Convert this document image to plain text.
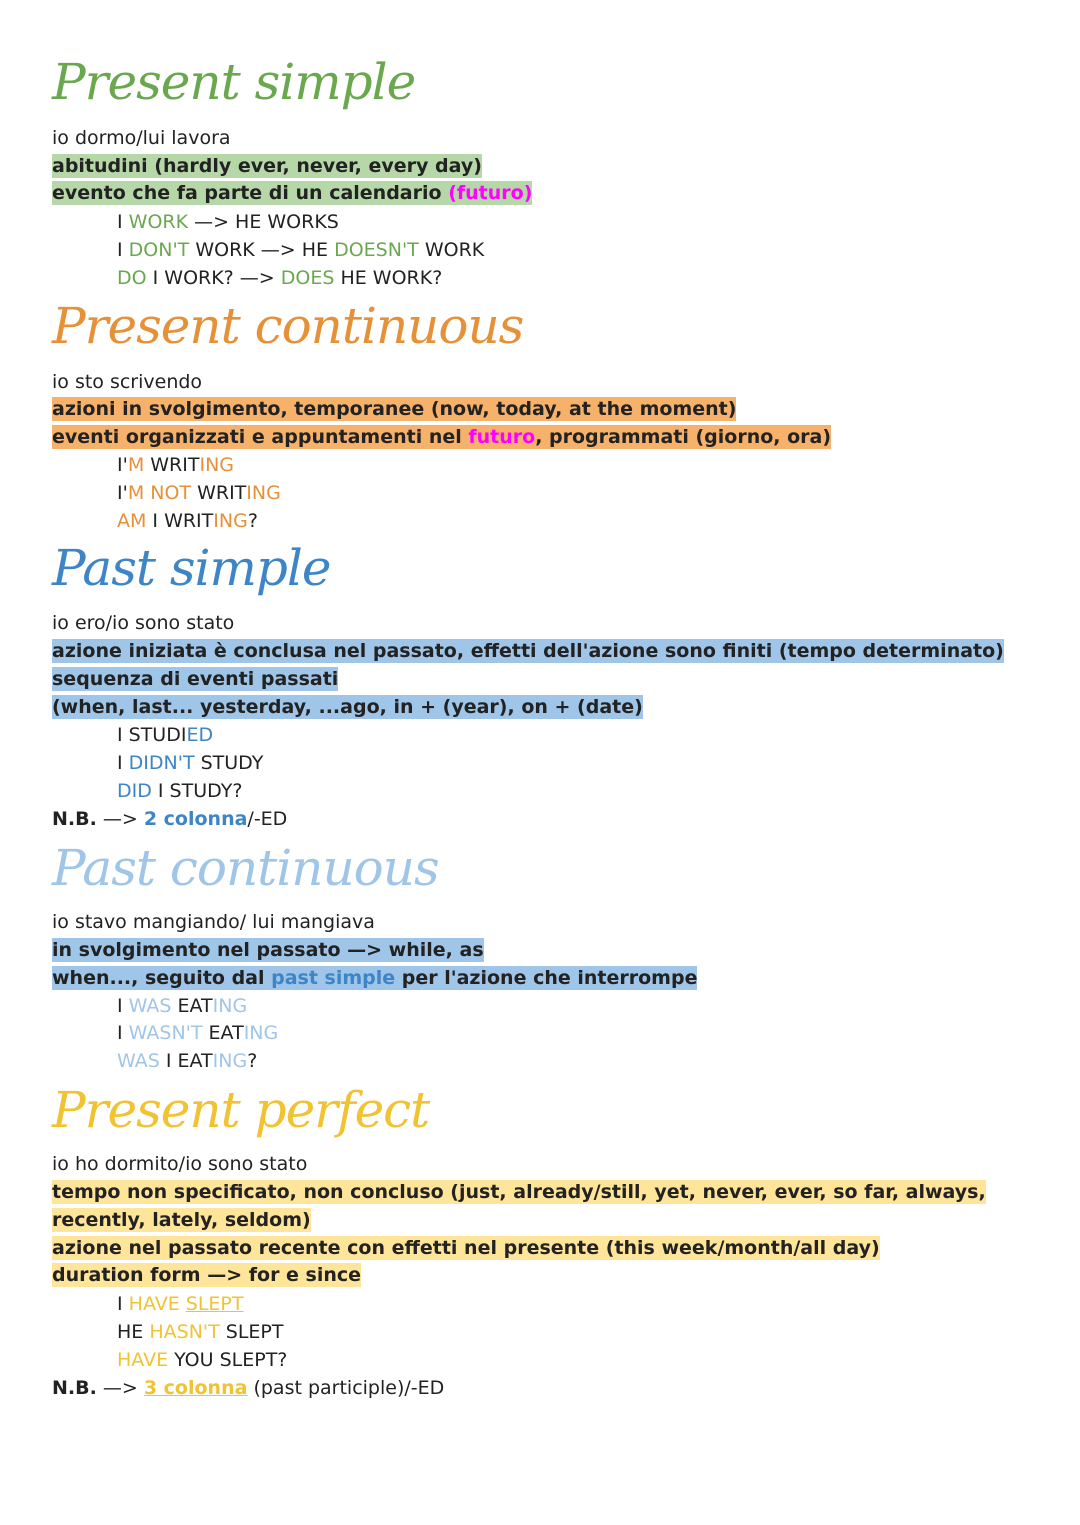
Present simple
io dormo/lui lavora
abitudini (hardly ever, never, every day)
evento che fa parte di un calendario (futuro)
I WORK —> HE WORKS
I DON'T WORK —> HE DOESN'T WORK
DO I WORK? —> DOES HE WORK?
Present continuous
io sto scrivendo
azioni in svolgimento, temporanee (now, today, at the moment)
eventi organizzati e appuntamenti nel futuro, programmati (giorno, ora)
I'M WRITING
I'M NOT WRITING
AM I WRITING?
Past simple
io ero/io sono stato
azione iniziata è conclusa nel passato, effetti dell'azione sono finiti (tempo determinato)
sequenza di eventi passati
(when, last... yesterday, ...ago, in + (year), on + (date)
I STUDIED
I DIDN'T STUDY
DID I STUDY?
N.B. —> 2 colonna/-ED
Past continuous
io stavo mangiando/ lui mangiava
in svolgimento nel passato —> while, as
when..., seguito dal past simple per l'azione che interrompe
I WAS EATING
I WASN'T EATING
WAS I EATING?
Present perfect
io ho dormito/io sono stato
tempo non specificato, non concluso (just, already/still, yet, never, ever, so far, always,
recently, lately, seldom)
azione nel passato recente con effetti nel presente (this week/month/all day)
duration form —> for e since
I HAVE SLEPT
HE HASN'T SLEPT
HAVE YOU SLEPT?
N.B. —> 3 colonna (past participle)/-ED
